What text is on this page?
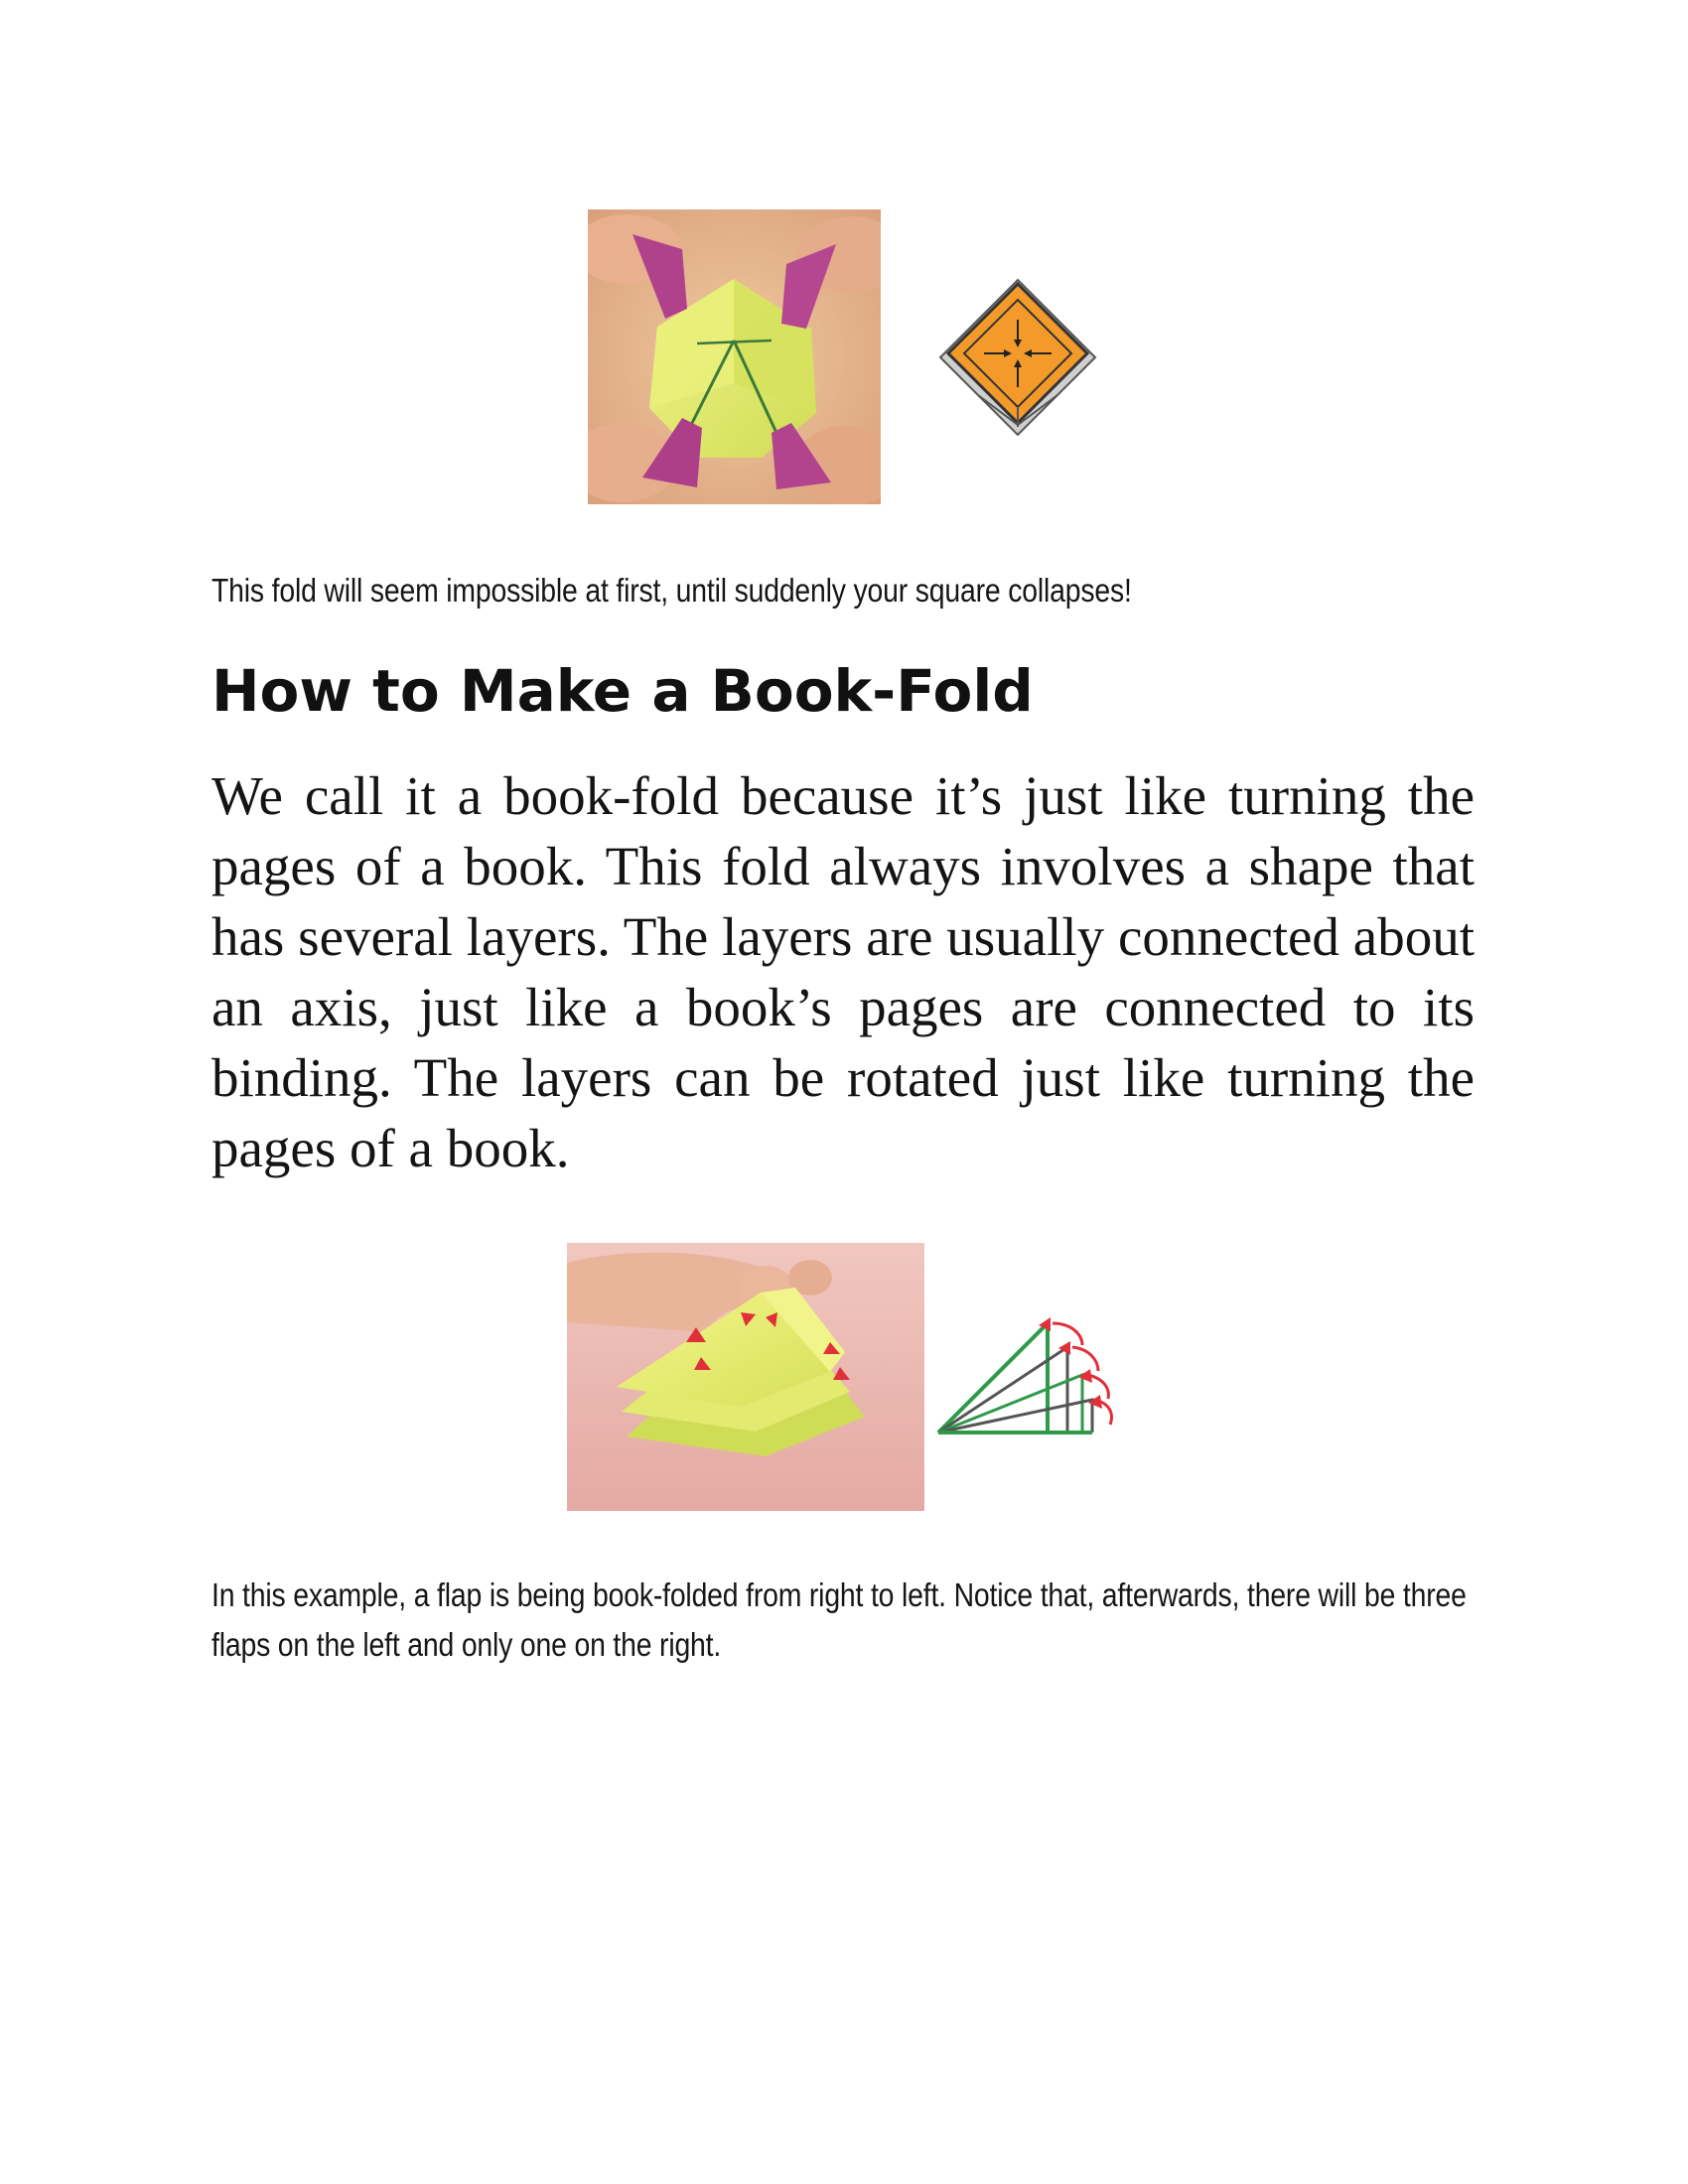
This fold will seem impossible at first, until suddenly your square collapses!
How to Make a Book-Fold

We call it a book-fold because it’s just like turning the pages of a book. This fold always involves a shape that has several layers. The layers are usually connected about an axis, just like a book’s pages are connected to its binding. The layers can be rotated just like turning the pages of a book.

In this example, a flap is being book-folded from right to left. Notice that, afterwards, there will be three flaps on the left and only one on the right.
